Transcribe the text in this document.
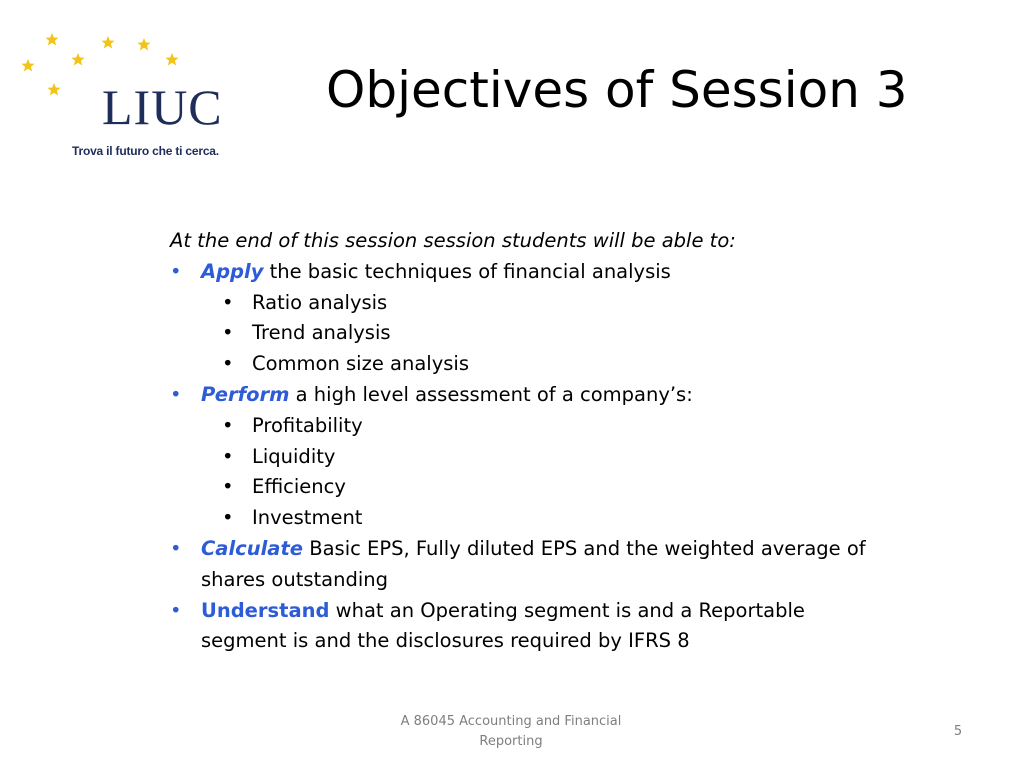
LIUC
Trova il futuro che ti cerca.
Objectives of Session 3
At the end of this session session students will be able to:
• Apply the basic techniques of financial analysis
• Ratio analysis
• Trend analysis
• Common size analysis
• Perform a high level assessment of a company’s:
• Profitability
• Liquidity
• Efficiency
• Investment
• Calculate Basic EPS, Fully diluted EPS and the weighted average of shares outstanding
• Understand what an Operating segment is and a Reportable segment is and the disclosures required by IFRS 8
A 86045 Accounting and Financial
Reporting
5
